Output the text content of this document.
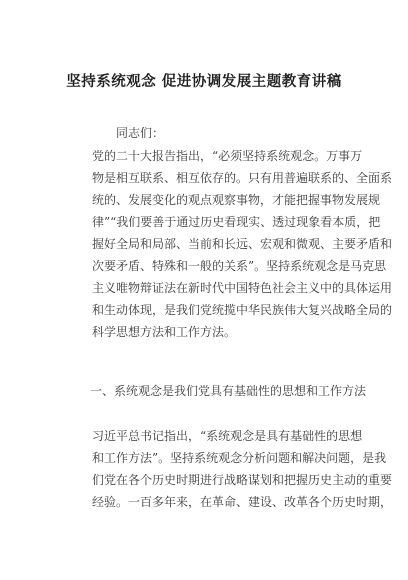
坚持系统观念 促进协调发展主题教育讲稿
同志们：
党的二十大报告指出，“必须坚持系统观念。万事万
物是相互联系、相互依存的。只有用普遍联系的、全面系
统的、发展变化的观点观察事物，才能把握事物发展规
律”“我们要善于通过历史看现实、透过现象看本质，把
握好全局和局部、当前和长远、宏观和微观、主要矛盾和
次要矛盾、特殊和一般的关系”。坚持系统观念是马克思
主义唯物辩证法在新时代中国特色社会主义中的具体运用
和生动体现，是我们党统揽中华民族伟大复兴战略全局的
科学思想方法和工作方法。
一、系统观念是我们党具有基础性的思想和工作方法
习近平总书记指出，“系统观念是具有基础性的思想
和工作方法”。坚持系统观念分析问题和解决问题，是我
们党在各个历史时期进行战略谋划和把握历史主动的重要
经验。一百多年来，在革命、建设、改革各个历史时期，
